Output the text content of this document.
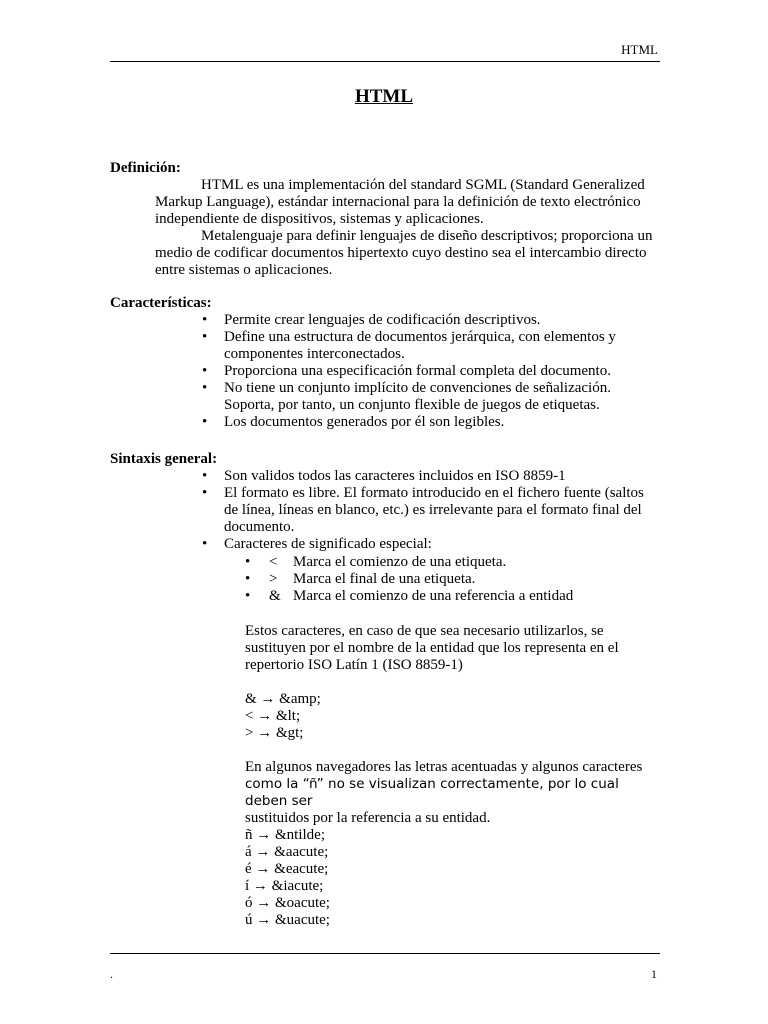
HTML
HTML
Definición:
HTML es una implementación del standard SGML (Standard Generalized Markup Language), estándar internacional para la definición de texto electrónico independiente de dispositivos, sistemas y aplicaciones.
Metalenguaje para definir lenguajes de diseño descriptivos; proporciona un medio de codificar documentos hipertexto cuyo destino sea el intercambio directo entre sistemas o aplicaciones.
Características:
• Permite crear lenguajes de codificación descriptivos.
• Define una estructura de documentos jerárquica, con elementos y componentes interconectados.
• Proporciona una especificación formal completa del documento.
• No tiene un conjunto implícito de convenciones de señalización. Soporta, por tanto, un conjunto flexible de juegos de etiquetas.
• Los documentos generados por él son legibles.
Sintaxis general:
• Son validos todos las caracteres incluidos en ISO 8859-1
• El formato es libre. El formato introducido en el fichero fuente (saltos de línea, líneas en blanco, etc.) es irrelevante para el formato final del documento.
• Caracteres de significado especial:
• < Marca el comienzo de una etiqueta.
• > Marca el final de una etiqueta.
• & Marca el comienzo de una referencia a entidad
Estos caracteres, en caso de que sea necesario utilizarlos, se sustituyen por el nombre de la entidad que los representa en el repertorio ISO Latín 1 (ISO 8859-1)
& → &amp;
< → &lt;
> → &gt;
En algunos navegadores las letras acentuadas y algunos caracteres
como la “ñ” no se visualizan correctamente, por lo cual deben ser
sustituidos por la referencia a su entidad.
ñ → &ntilde;
á → &aacute;
é → &eacute;
í → &iacute;
ó → &oacute;
ú → &uacute;
.	1
